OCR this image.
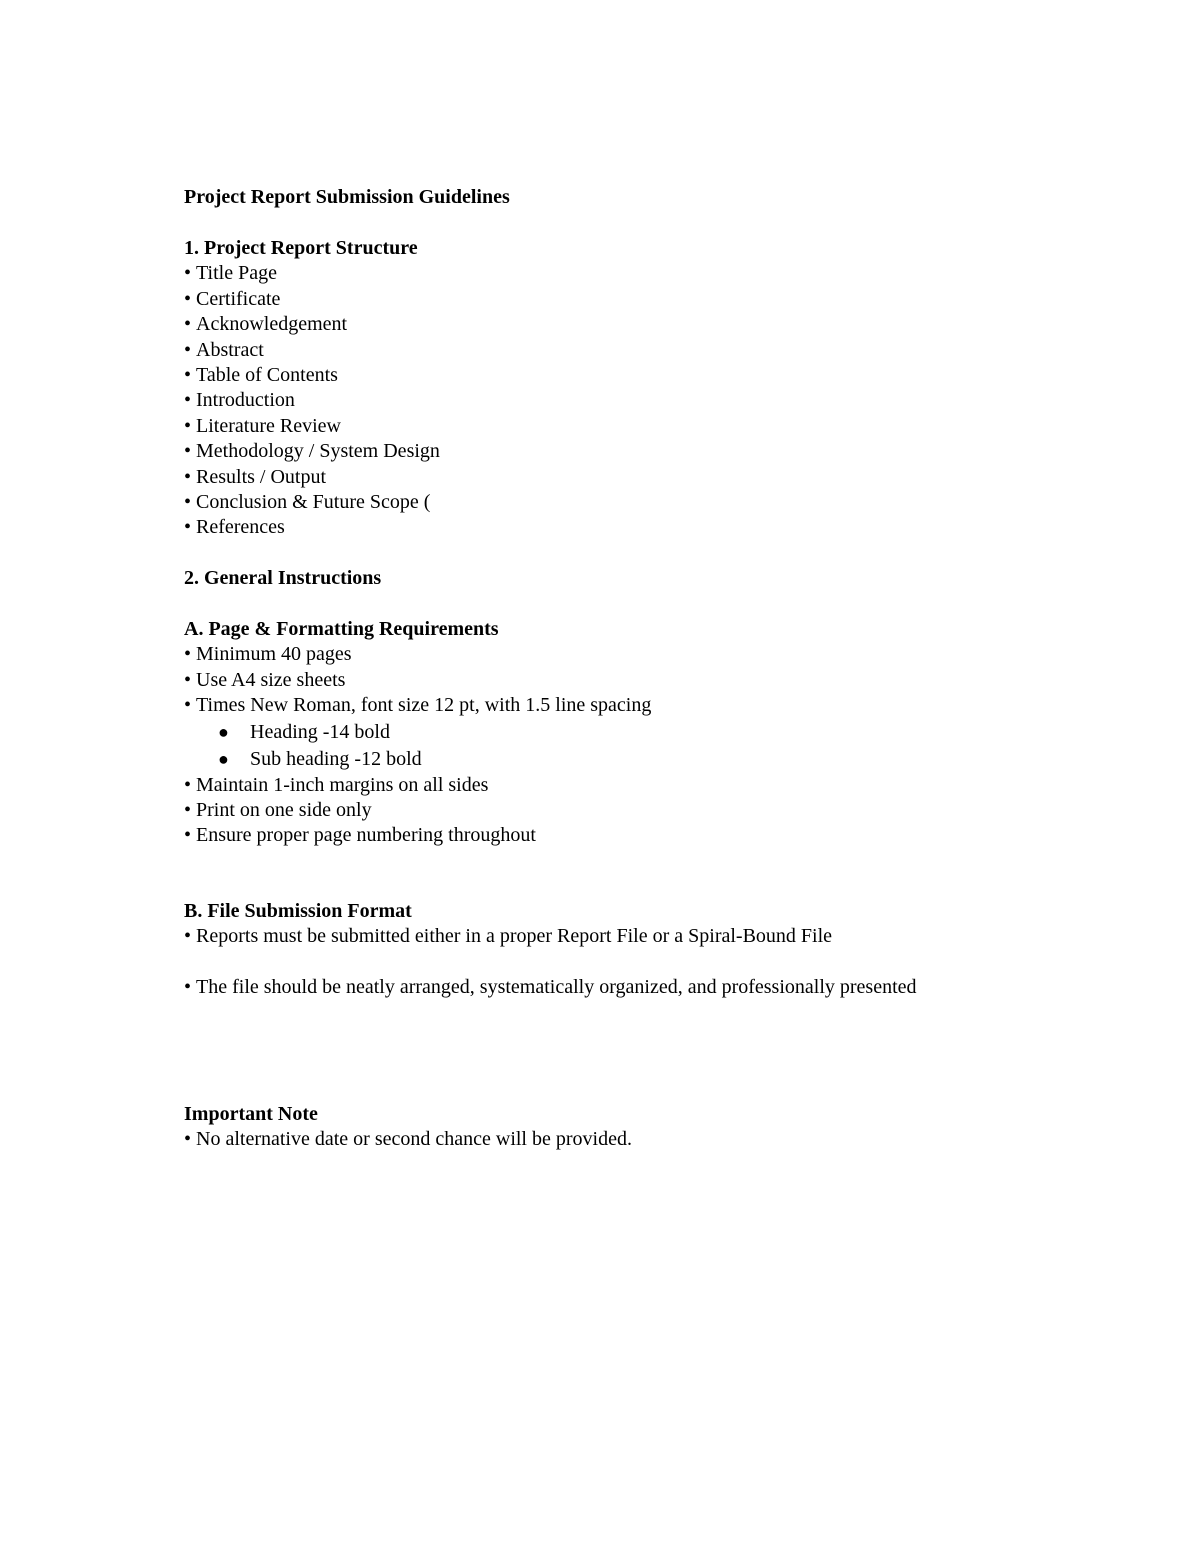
Project Report Submission Guidelines
1. Project Report Structure
• Title Page
• Certificate
• Acknowledgement
• Abstract
• Table of Contents
• Introduction
• Literature Review
• Methodology / System Design
• Results / Output
• Conclusion & Future Scope (
• References
2. General Instructions
A. Page & Formatting Requirements
• Minimum 40 pages
• Use A4 size sheets
• Times New Roman, font size 12 pt, with 1.5 line spacing
● Heading -14 bold
● Sub heading -12 bold
• Maintain 1-inch margins on all sides
• Print on one side only
• Ensure proper page numbering throughout
B. File Submission Format
• Reports must be submitted either in a proper Report File or a Spiral-Bound File
• The file should be neatly arranged, systematically organized, and professionally presented
Important Note
• No alternative date or second chance will be provided.
